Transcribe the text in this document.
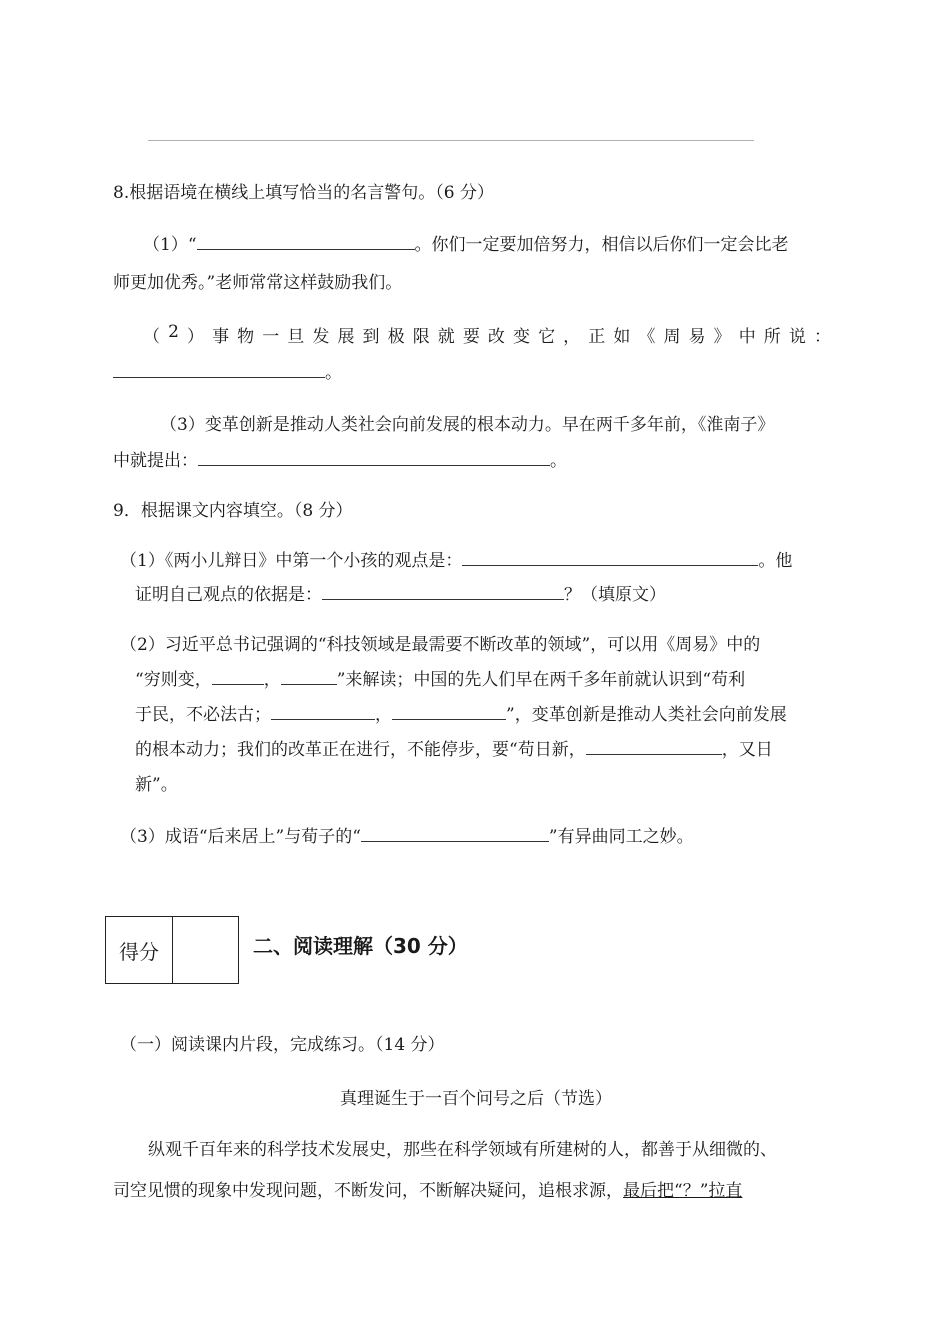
8.根据语境在横线上填写恰当的名言警句。（6 分）
（1）“	。你们一定要加倍努力，相信以后你们一定会比老
师更加优秀。”老师常常这样鼓励我们。
（ 2 ） 事 物 一 旦 发 展 到 极 限 就 要 改 变 它 ， 正 如 《 周 易 》 中 所 说 ：
。
（3）变革创新是推动人类社会向前发展的根本动力。早在两千多年前，《淮南子》
中就提出：	。
9．根据课文内容填空。（8 分）
（1）《两小儿辩日》中第一个小孩的观点是：	。他
证明自己观点的依据是：	？（填原文）
（2）习近平总书记强调的“科技领域是最需要不断改革的领域”，可以用《周易》中的
“穷则变，	，	”来解读；中国的先人们早在两千多年前就认识到“苟利
于民，不必法古；	，	”，变革创新是推动人类社会向前发展
的根本动力；我们的改革正在进行，不能停步，要“苟日新，	，又日
新”。
（3）成语“后来居上”与荀子的“	”有异曲同工之妙。
得分	二、阅读理解（30 分）
（一）阅读课内片段，完成练习。（14 分）
真理诞生于一百个问号之后（节选）
纵观千百年来的科学技术发展史，那些在科学领域有所建树的人，都善于从细微的、
司空见惯的现象中发现问题，不断发问，不断解决疑问，追根求源，最后把“？”拉直
